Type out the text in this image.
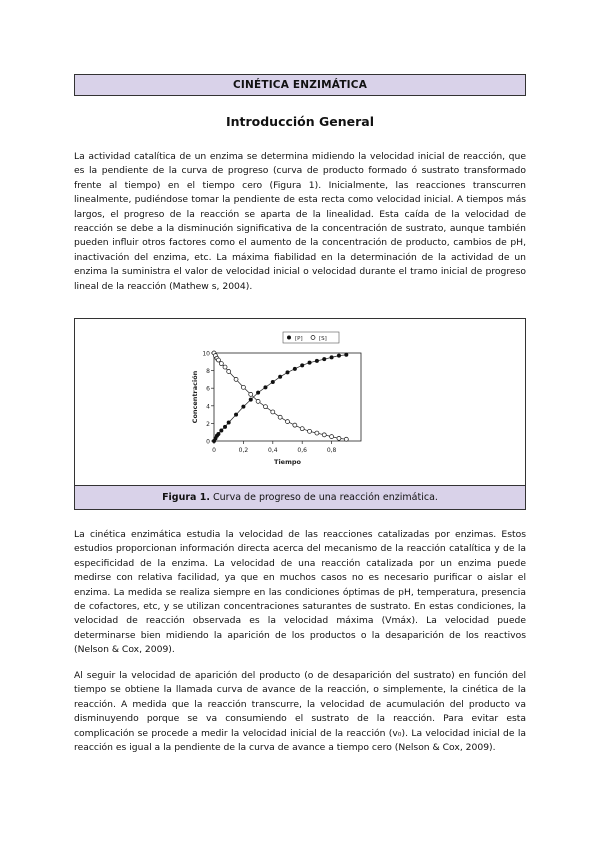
CINÉTICA ENZIMÁTICA
Introducción General

La actividad catalítica de un enzima se determina midiendo la velocidad inicial de reacción, que es la pendiente de la curva de progreso (curva de producto formado ó sustrato transformado frente al tiempo) en el tiempo cero (Figura 1). Inicialmente, las reacciones transcurren linealmente, pudiéndose tomar la pendiente de esta recta como velocidad inicial. A tiempos más largos, el progreso de la reacción se aparta de la linealidad. Esta caída de la velocidad de reacción se debe a la disminución significativa de la concentración de sustrato, aunque también pueden influir otros factores como el aumento de la concentración de producto, cambios de pH, inactivación del enzima, etc. La máxima fiabilidad en la determinación de la actividad de un enzima la suministra el valor de velocidad inicial o velocidad durante el tramo inicial de progreso lineal de la reacción (Mathew s, 2004).

0
2
4
6
8
10
0	0,2	0,4	0,6	0,8
Tiempo
Concentración
[P]	[S]
Figura 1. Curva de progreso de una reacción enzimática.

La cinética enzimática estudia la velocidad de las reacciones catalizadas por enzimas. Estos estudios proporcionan información directa acerca del mecanismo de la reacción catalítica y de la especificidad de la enzima. La velocidad de una reacción catalizada por un enzima puede medirse con relativa facilidad, ya que en muchos casos no es necesario purificar o aislar el enzima. La medida se realiza siempre en las condiciones óptimas de pH, temperatura, presencia de cofactores, etc, y se utilizan concentraciones saturantes de sustrato. En estas condiciones, la velocidad de reacción observada es la velocidad máxima (Vmáx). La velocidad puede determinarse bien midiendo la aparición de los productos o la desaparición de los reactivos (Nelson & Cox, 2009).

Al seguir la velocidad de aparición del producto (o de desaparición del sustrato) en función del tiempo se obtiene la llamada curva de avance de la reacción, o simplemente, la cinética de la reacción. A medida que la reacción transcurre, la velocidad de acumulación del producto va disminuyendo porque se va consumiendo el sustrato de la reacción. Para evitar esta complicación se procede a medir la velocidad inicial de la reacción (v₀). La velocidad inicial de la reacción es igual a la pendiente de la curva de avance a tiempo cero (Nelson & Cox, 2009).
